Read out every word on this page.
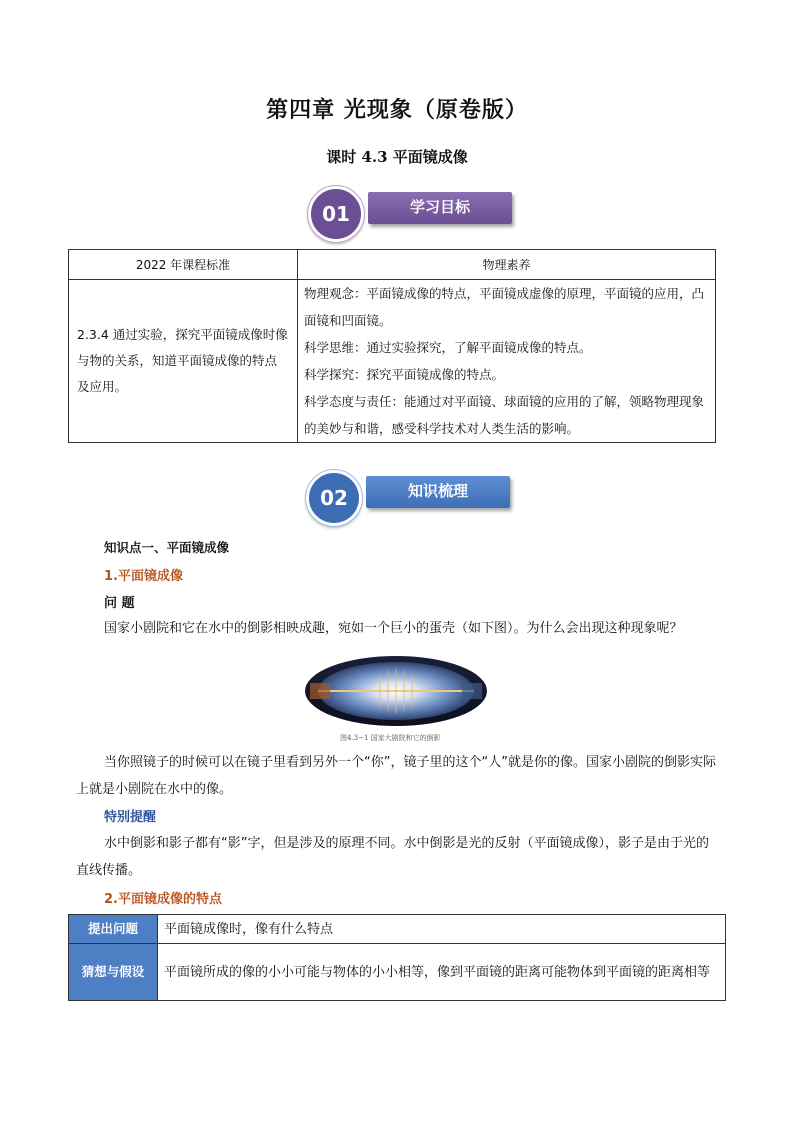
第四章 光现象（原卷版）
课时 4.3 平面镜成像
01	学习目标
2022 年课程标准	物理素养
2.3.4 通过实验，探究平面镜成像时像与物的关系，知道平面镜成像的特点及应用。	物理观念：平面镜成像的特点，平面镜成虚像的原理，平面镜的应用，凸面镜和凹面镜。
科学思维：通过实验探究，了解平面镜成像的特点。
科学探究：探究平面镜成像的特点。
科学态度与责任：能通过对平面镜、球面镜的应用的了解，领略物理现象的美妙与和谐，感受科学技术对人类生活的影响。
02	知识梳理
知识点一、平面镜成像
1.平面镜成像
问 题
国家小剧院和它在水中的倒影相映成趣，宛如一个巨小的蛋壳（如下图）。为什么会出现这种现象呢？
图4.3−1 国家大剧院和它的倒影
当你照镜子的时候可以在镜子里看到另外一个“你”，镜子里的这个“人”就是你的像。国家小剧院的倒影实际上就是小剧院在水中的像。
特别提醒
水中倒影和影子都有“影”字，但是涉及的原理不同。水中倒影是光的反射（平面镜成像），影子是由于光的直线传播。
2.平面镜成像的特点
提出问题	平面镜成像时，像有什么特点
猜想与假设	平面镜所成的像的小小可能与物体的小小相等，像到平面镜的距离可能物体到平面镜的距离相等
